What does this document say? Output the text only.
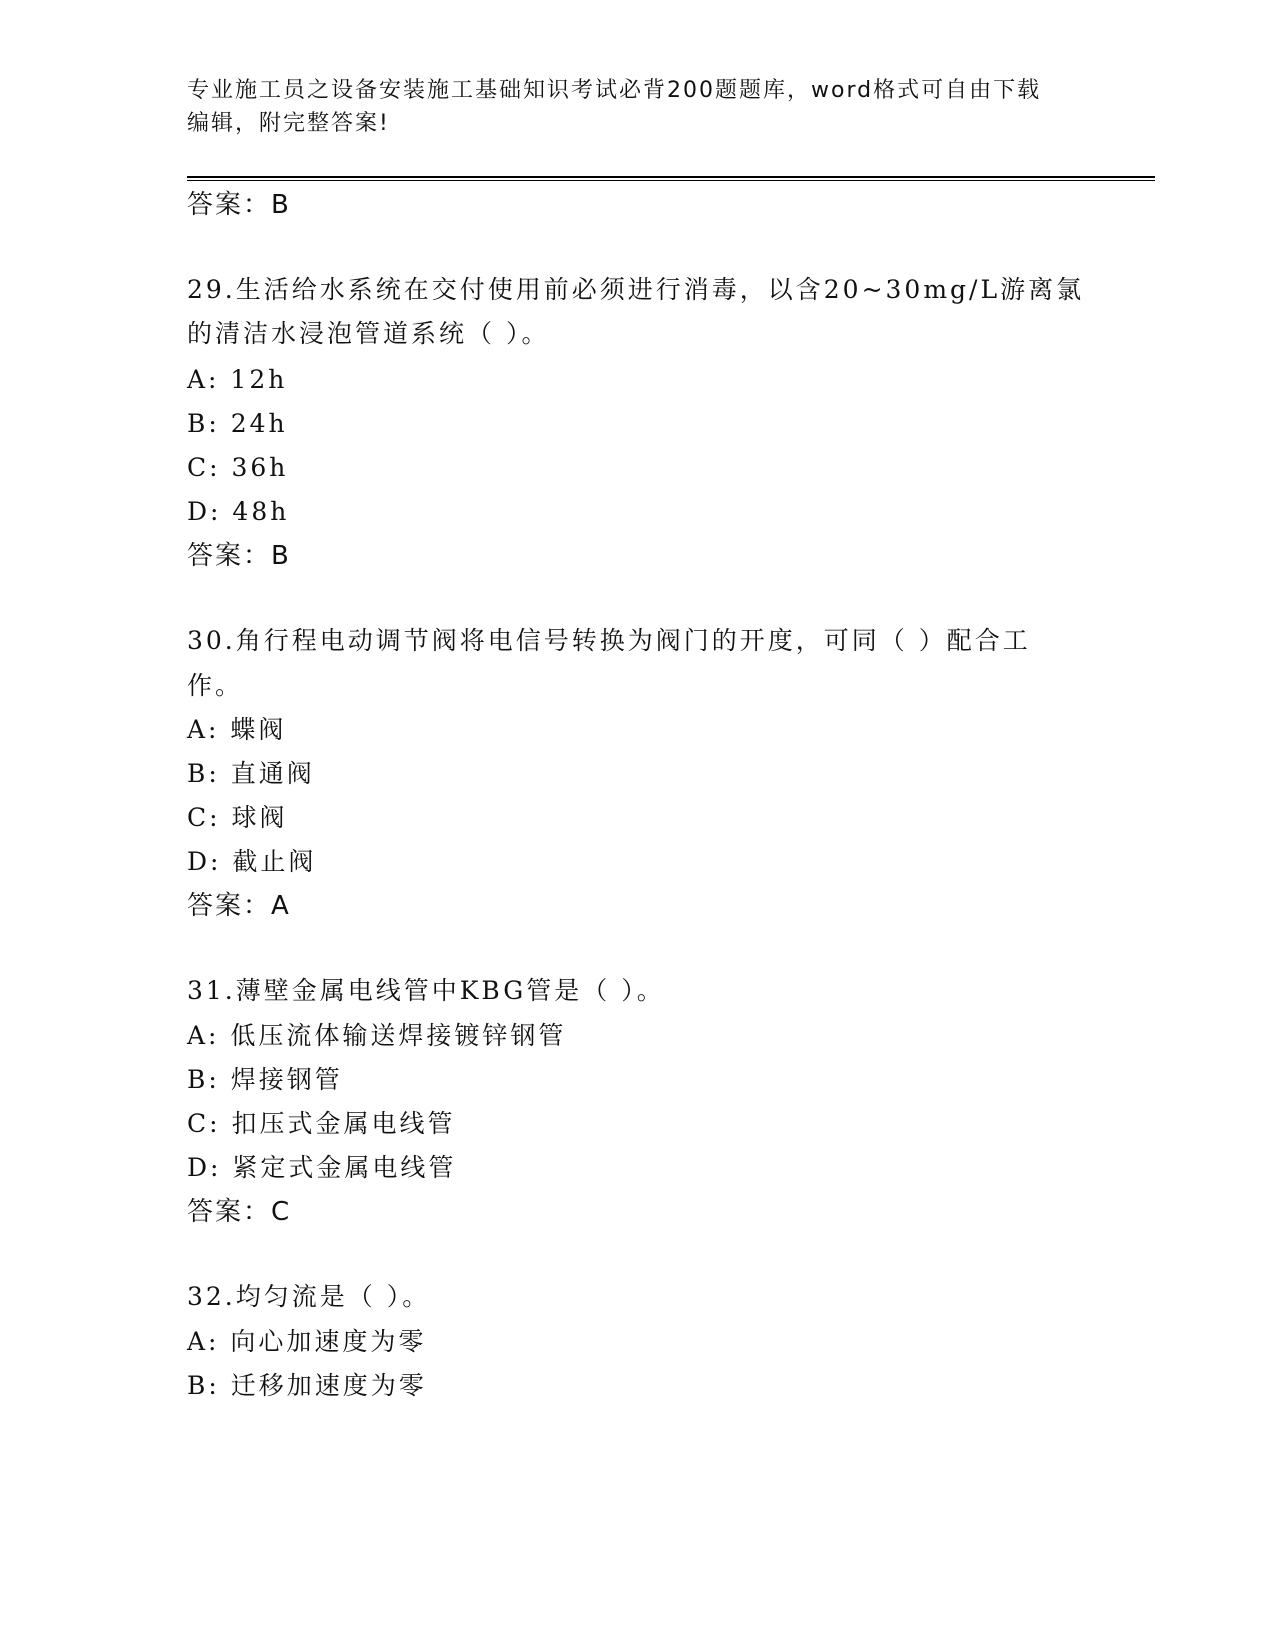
专业施工员之设备安装施工基础知识考试必背200题题库，word格式可自由下载
编辑，附完整答案!
答案：B
29.生活给水系统在交付使用前必须进行消毒，以含20~30mg/L游离氯
的清洁水浸泡管道系统（ ）。
A: 12h
B: 24h
C: 36h
D: 48h
答案：B
30.角行程电动调节阀将电信号转换为阀门的开度，可同（ ）配合工
作。
A: 蝶阀
B: 直通阀
C: 球阀
D: 截止阀
答案：A
31.薄壁金属电线管中KBG管是（ ）。
A: 低压流体输送焊接镀锌钢管
B: 焊接钢管
C: 扣压式金属电线管
D: 紧定式金属电线管
答案：C
32.均匀流是（ ）。
A: 向心加速度为零
B: 迁移加速度为零
